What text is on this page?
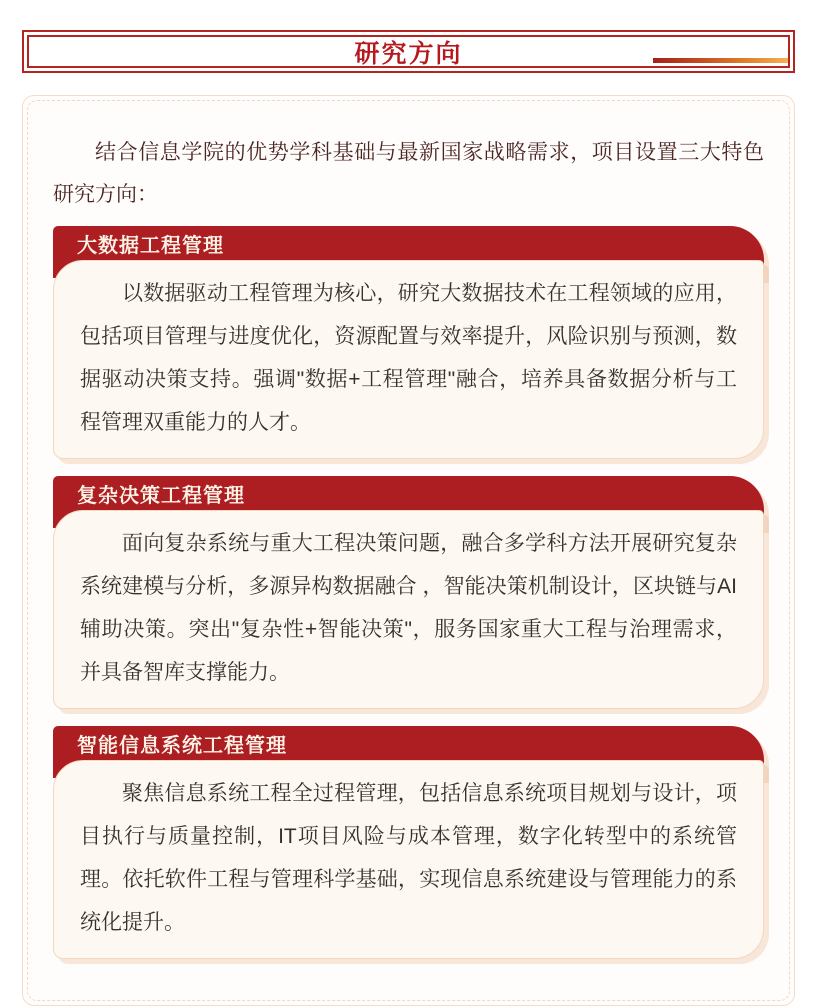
研究方向

结合信息学院的优势学科基础与最新国家战略需求，项目设置三大特色研究方向：

大数据工程管理

以数据驱动工程管理为核心，研究大数据技术在工程领域的应用，包括项目管理与进度优化，资源配置与效率提升，风险识别与预测，数据驱动决策支持。强调"数据+工程管理"融合，培养具备数据分析与工程管理双重能力的人才。

复杂决策工程管理

面向复杂系统与重大工程决策问题，融合多学科方法开展研究复杂系统建模与分析，多源异构数据融合 ，智能决策机制设计，区块链与AI辅助决策。突出"复杂性+智能决策"，服务国家重大工程与治理需求，并具备智库支撑能力。

智能信息系统工程管理

聚焦信息系统工程全过程管理，包括信息系统项目规划与设计，项目执行与质量控制，IT项目风险与成本管理，数字化转型中的系统管理。依托软件工程与管理科学基础，实现信息系统建设与管理能力的系统化提升。
